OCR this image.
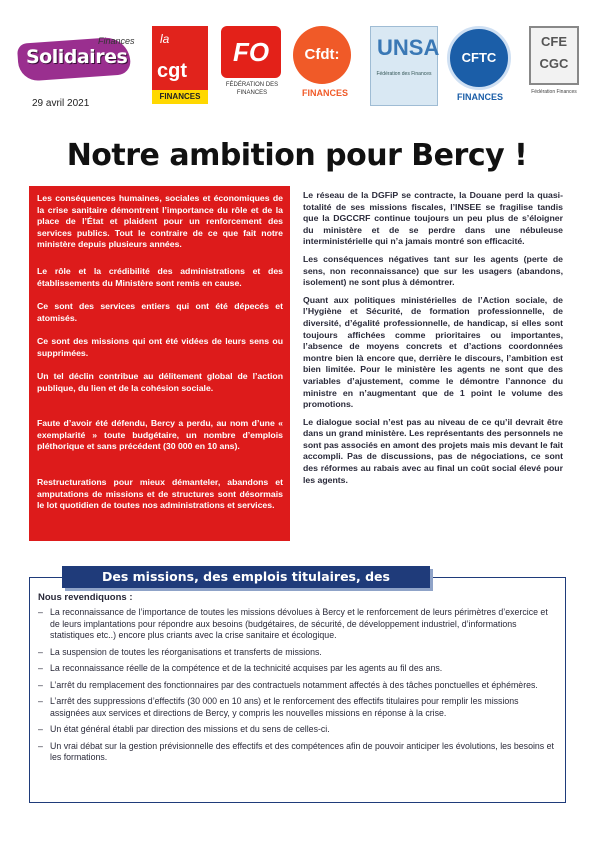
Solidaires
Finances la
cgt
FINANCES
FO
FÉDÉRATION DES FINANCES
Cfdt:
FINANCES
UNSA
Fédération des Finances
CFTC
FINANCES
CFE CGC
Fédération Finances
29 avril 2021
Notre ambition pour Bercy !

Les conséquences humaines, sociales et économiques de la crise sanitaire démontrent l’importance du rôle et de la place de l’État et plaident pour un renforcement des services publics. Tout le contraire de ce que fait notre ministère depuis plusieurs années.

Le rôle et la crédibilité des administrations et des établissements du Ministère sont remis en cause.

Ce sont des services entiers qui ont été dépecés et atomisés.

Ce sont des missions qui ont été vidées de leurs sens ou supprimées.

Un tel déclin contribue au délitement global de l’action publique, du lien et de la cohésion sociale.

Faute d’avoir été défendu, Bercy a perdu, au nom d’une « exemplarité » toute budgétaire, un nombre d’emplois pléthorique et sans précédent (30 000 en 10 ans).

Restructurations pour mieux démanteler, abandons et amputations de missions et de structures sont désormais le lot quotidien de toutes nos administrations et services.

Le réseau de la DGFiP se contracte, la Douane perd la quasi-totalité de ses missions fiscales, l’INSEE se fragilise tandis que la DGCCRF continue toujours un peu plus de s’éloigner du ministère et de se perdre dans une nébuleuse interministérielle qui n’a jamais montré son efficacité.

Les conséquences négatives tant sur les agents (perte de sens, non reconnaissance) que sur les usagers (abandons, isolement) ne sont plus à démontrer.

Quant aux politiques ministérielles de l’Action sociale, de l’Hygiène et Sécurité, de formation professionnelle, de diversité, d’égalité professionnelle, de handicap, si elles sont toujours affichées comme prioritaires ou importantes, l’absence de moyens concrets et d’actions coordonnées montre bien là encore que, derrière le discours, l’ambition est bien limitée. Pour le ministère les agents ne sont que des variables d’ajustement, comme le démontre l’annonce du ministre en n’augmentant que de 1 point le volume des promotions.

Le dialogue social n’est pas au niveau de ce qu’il devrait être dans un grand ministère. Les représentants des personnels ne sont pas associés en amont des projets mais mis devant le fait accompli. Pas de discussions, pas de négociations, ce sont des réformes au rabais avec au final un coût social élevé pour les agents.

Des missions, des emplois titulaires, des implantations
Nous revendiquons :
– La reconnaissance de l’importance de toutes les missions dévolues à Bercy et le renforcement de leurs périmètres d’exercice et de leurs implantations pour répondre aux besoins (budgétaires, de sécurité, de développement industriel, d’informations statistiques etc..) encore plus criants avec la crise sanitaire et écologique.
– La suspension de toutes les réorganisations et transferts de missions.
– La reconnaissance réelle de la compétence et de la technicité acquises par les agents au fil des ans.
– L’arrêt du remplacement des fonctionnaires par des contractuels notamment affectés à des tâches ponctuelles et éphémères.
– L’arrêt des suppressions d’effectifs (30 000 en 10 ans) et le renforcement des effectifs titulaires pour remplir les missions assignées aux services et directions de Bercy, y compris les nouvelles missions en réponse à la crise.
– Un état général établi par direction des missions et du sens de celles-ci.
– Un vrai débat sur la gestion prévisionnelle des effectifs et des compétences afin de pouvoir anticiper les évolutions, les besoins et les formations.
